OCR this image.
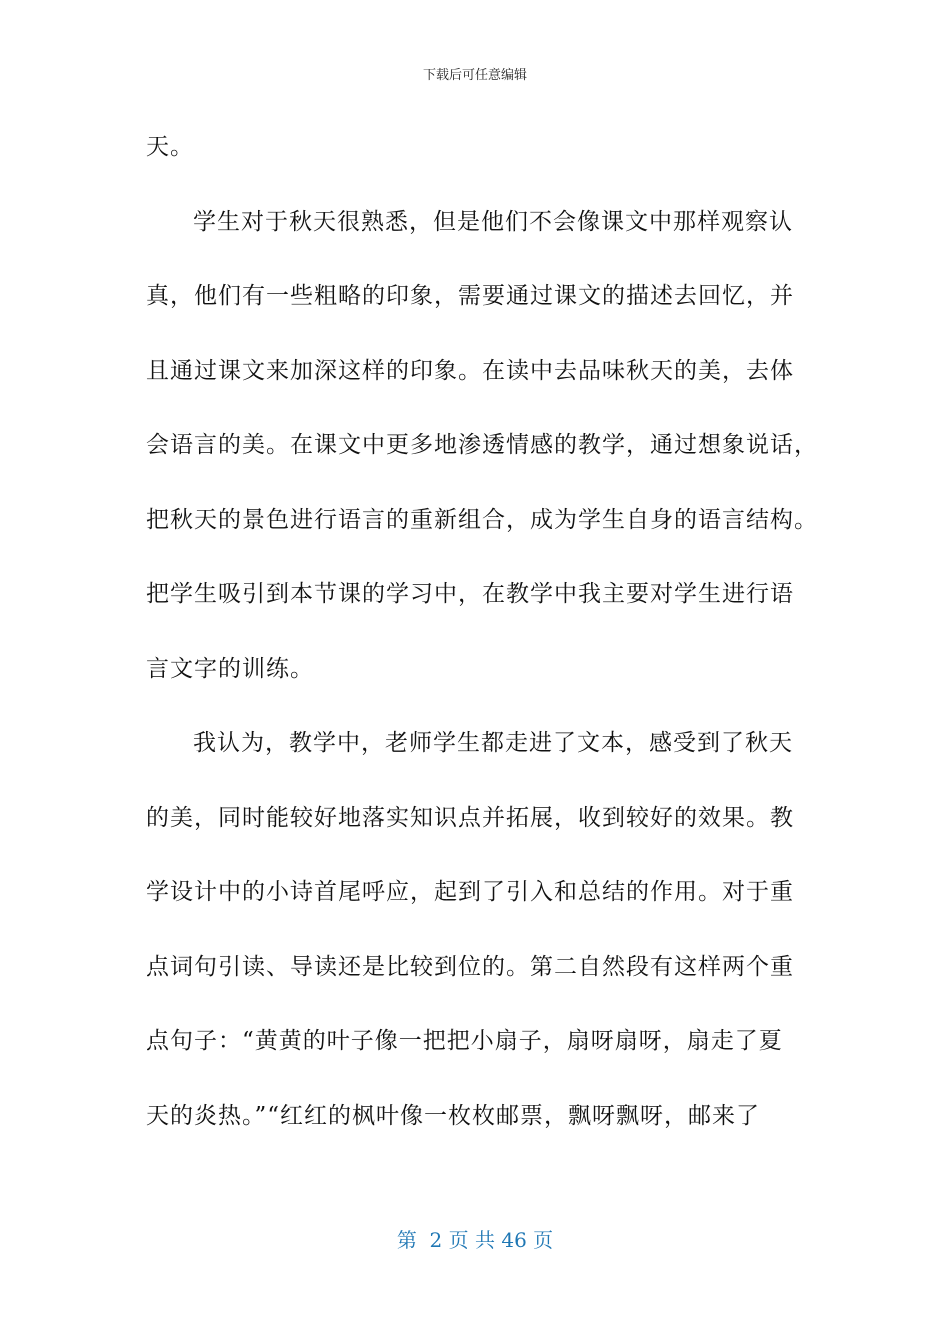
下载后可任意编辑
天。
学生对于秋天很熟悉，但是他们不会像课文中那样观察认
真，他们有一些粗略的印象，需要通过课文的描述去回忆，并
且通过课文来加深这样的印象。在读中去品味秋天的美，去体
会语言的美。在课文中更多地渗透情感的教学，通过想象说话，
把秋天的景色进行语言的重新组合，成为学生自身的语言结构。
把学生吸引到本节课的学习中，在教学中我主要对学生进行语
言文字的训练。
我认为，教学中，老师学生都走进了文本，感受到了秋天
的美，同时能较好地落实知识点并拓展，收到较好的效果。教
学设计中的小诗首尾呼应，起到了引入和总结的作用。对于重
点词句引读、导读还是比较到位的。第二自然段有这样两个重
点句子：“黄黄的叶子像一把把小扇子，扇呀扇呀，扇走了夏
天的炎热。”“红红的枫叶像一枚枚邮票，飘呀飘呀，邮来了
第  2 页 共 46 页
